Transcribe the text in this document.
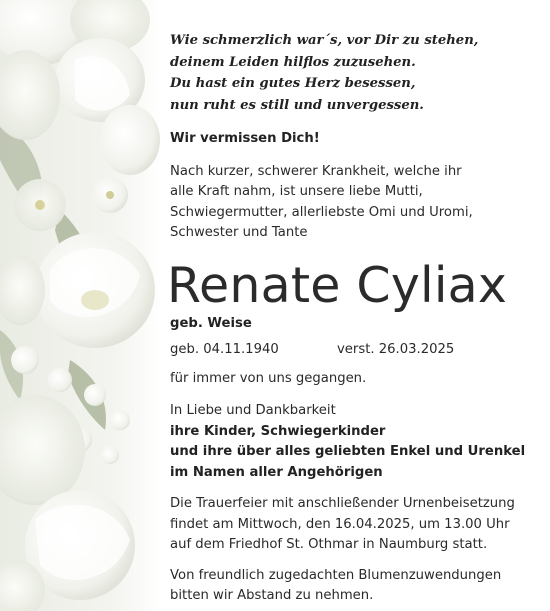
Wie schmerzlich war´s, vor Dir zu stehen,
deinem Leiden hilflos zuzusehen.
Du hast ein gutes Herz besessen,
nun ruht es still und unvergessen.
Wir vermissen Dich!
Nach kurzer, schwerer Krankheit, welche ihr
alle Kraft nahm, ist unsere liebe Mutti,
Schwiegermutter, allerliebste Omi und Uromi,
Schwester und Tante
Renate Cyliax
geb. Weise
geb. 04.11.1940	verst. 26.03.2025
für immer von uns gegangen.
In Liebe und Dankbarkeit
ihre Kinder, Schwiegerkinder
und ihre über alles geliebten Enkel und Urenkel
im Namen aller Angehörigen
Die Trauerfeier mit anschließender Urnenbeisetzung
findet am Mittwoch, den 16.04.2025, um 13.00 Uhr
auf dem Friedhof St. Othmar in Naumburg statt.
Von freundlich zugedachten Blumenzuwendungen
bitten wir Abstand zu nehmen.
